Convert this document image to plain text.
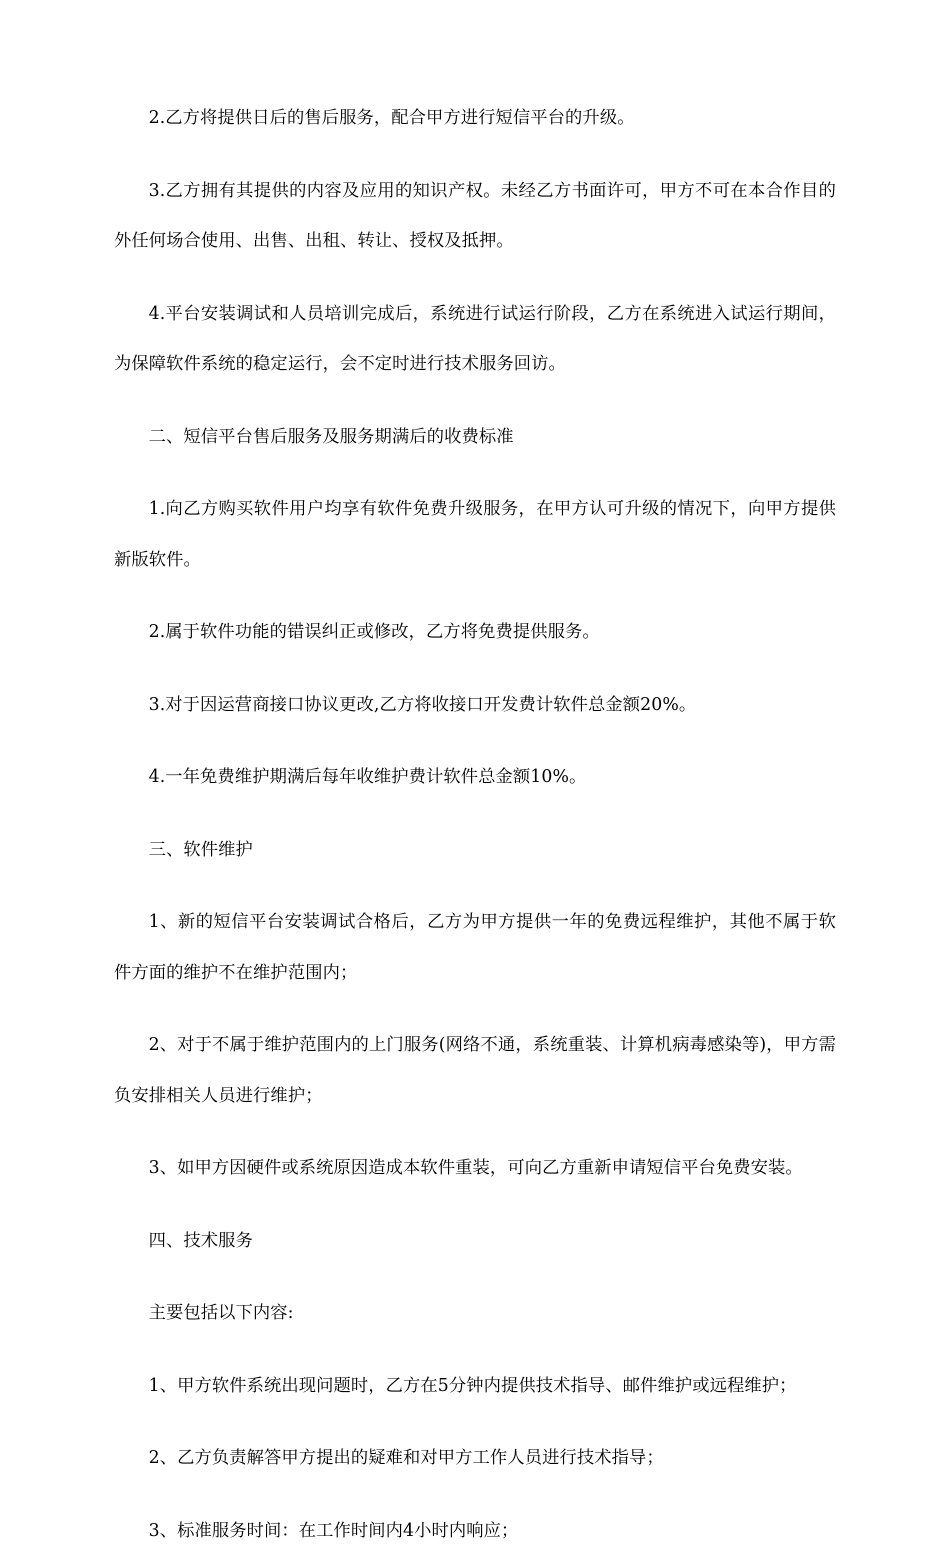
2.乙方将提供日后的售后服务，配合甲方进行短信平台的升级。

3.乙方拥有其提供的内容及应用的知识产权。未经乙方书面许可，甲方不可在本合作目的外任何场合使用、出售、出租、转让、授权及抵押。

4.平台安装调试和人员培训完成后，系统进行试运行阶段，乙方在系统进入试运行期间，为保障软件系统的稳定运行，会不定时进行技术服务回访。

二、短信平台售后服务及服务期满后的收费标准

1.向乙方购买软件用户均享有软件免费升级服务，在甲方认可升级的情况下，向甲方提供新版软件。

2.属于软件功能的错误纠正或修改，乙方将免费提供服务。

3.对于因运营商接口协议更改,乙方将收接口开发费计软件总金额20%。

4.一年免费维护期满后每年收维护费计软件总金额10%。

三、软件维护

1、新的短信平台安装调试合格后，乙方为甲方提供一年的免费远程维护，其他不属于软件方面的维护不在维护范围内；

2、对于不属于维护范围内的上门服务(网络不通，系统重装、计算机病毒感染等)，甲方需负安排相关人员进行维护；

3、如甲方因硬件或系统原因造成本软件重装，可向乙方重新申请短信平台免费安装。

四、技术服务

主要包括以下内容:

1、甲方软件系统出现问题时，乙方在5分钟内提供技术指导、邮件维护或远程维护；

2、乙方负责解答甲方提出的疑难和对甲方工作人员进行技术指导；

3、标准服务时间：在工作时间内4小时内响应；
